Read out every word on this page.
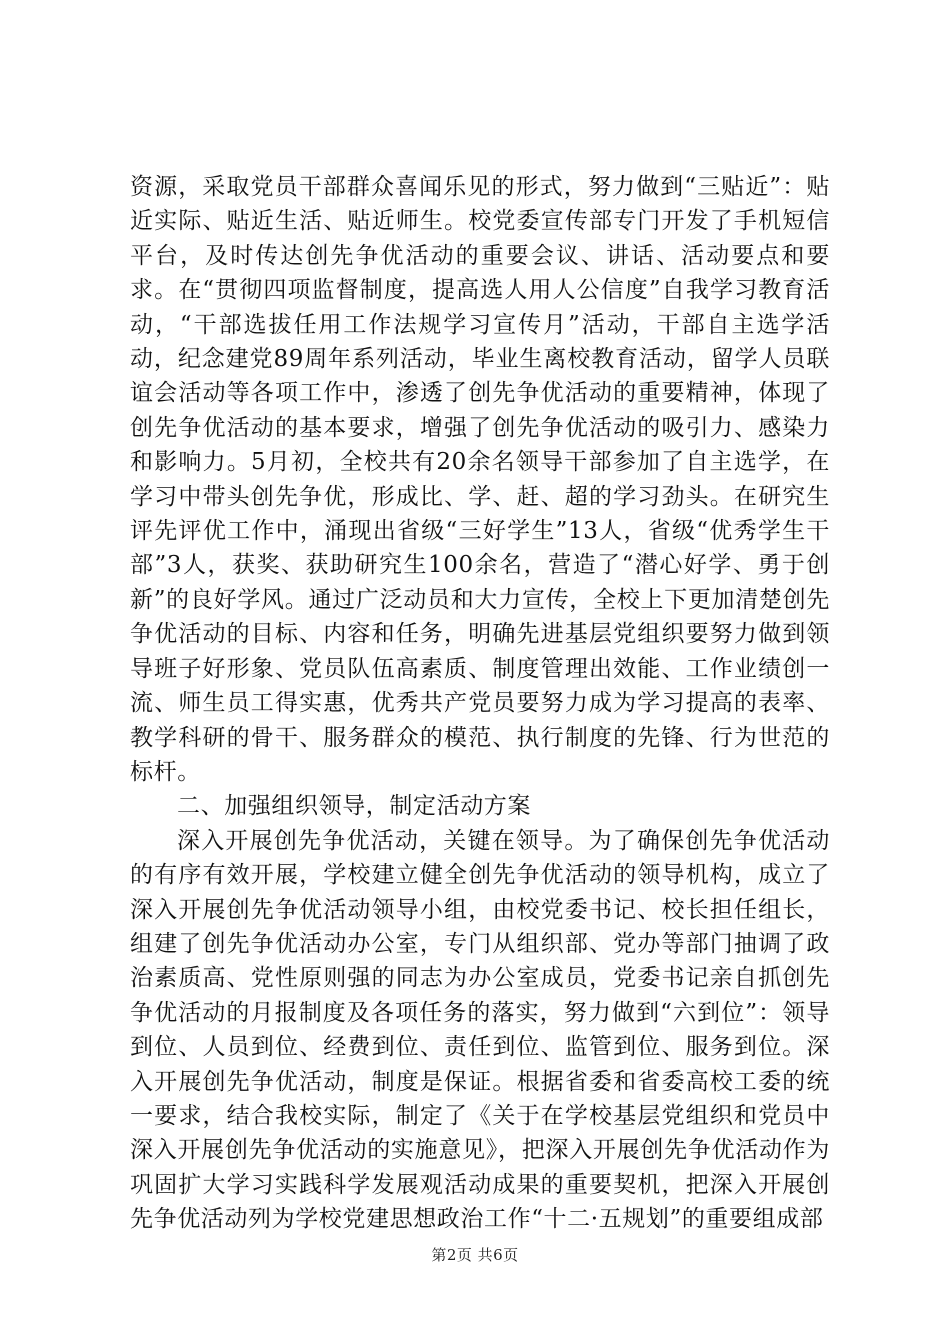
资源，采取党员干部群众喜闻乐见的形式，努力做到“三贴近”：贴近实际、贴近生活、贴近师生。校党委宣传部专门开发了手机短信平台，及时传达创先争优活动的重要会议、讲话、活动要点和要求。在“贯彻四项监督制度，提高选人用人公信度”自我学习教育活动，“干部选拔任用工作法规学习宣传月”活动，干部自主选学活动，纪念建党89周年系列活动，毕业生离校教育活动，留学人员联谊会活动等各项工作中，渗透了创先争优活动的重要精神，体现了创先争优活动的基本要求，增强了创先争优活动的吸引力、感染力和影响力。5月初，全校共有20余名领导干部参加了自主选学，在学习中带头创先争优，形成比、学、赶、超的学习劲头。在研究生评先评优工作中，涌现出省级“三好学生”13人，省级“优秀学生干部”3人，获奖、获助研究生100余名，营造了“潜心好学、勇于创新”的良好学风。通过广泛动员和大力宣传，全校上下更加清楚创先争优活动的目标、内容和任务，明确先进基层党组织要努力做到领导班子好形象、党员队伍高素质、制度管理出效能、工作业绩创一流、师生员工得实惠，优秀共产党员要努力成为学习提高的表率、教学科研的骨干、服务群众的模范、执行制度的先锋、行为世范的标杆。

二、加强组织领导，制定活动方案

深入开展创先争优活动，关键在领导。为了确保创先争优活动的有序有效开展，学校建立健全创先争优活动的领导机构，成立了深入开展创先争优活动领导小组，由校党委书记、校长担任组长，组建了创先争优活动办公室，专门从组织部、党办等部门抽调了政治素质高、党性原则强的同志为办公室成员，党委书记亲自抓创先争优活动的月报制度及各项任务的落实，努力做到“六到位”：领导到位、人员到位、经费到位、责任到位、监管到位、服务到位。深入开展创先争优活动，制度是保证。根据省委和省委高校工委的统一要求，结合我校实际，制定了《关于在学校基层党组织和党员中深入开展创先争优活动的实施意见》，把深入开展创先争优活动作为巩固扩大学习实践科学发展观活动成果的重要契机，把深入开展创先争优活动列为学校党建思想政治工作“十二·五规划”的重要组成部

第2页 共6页
